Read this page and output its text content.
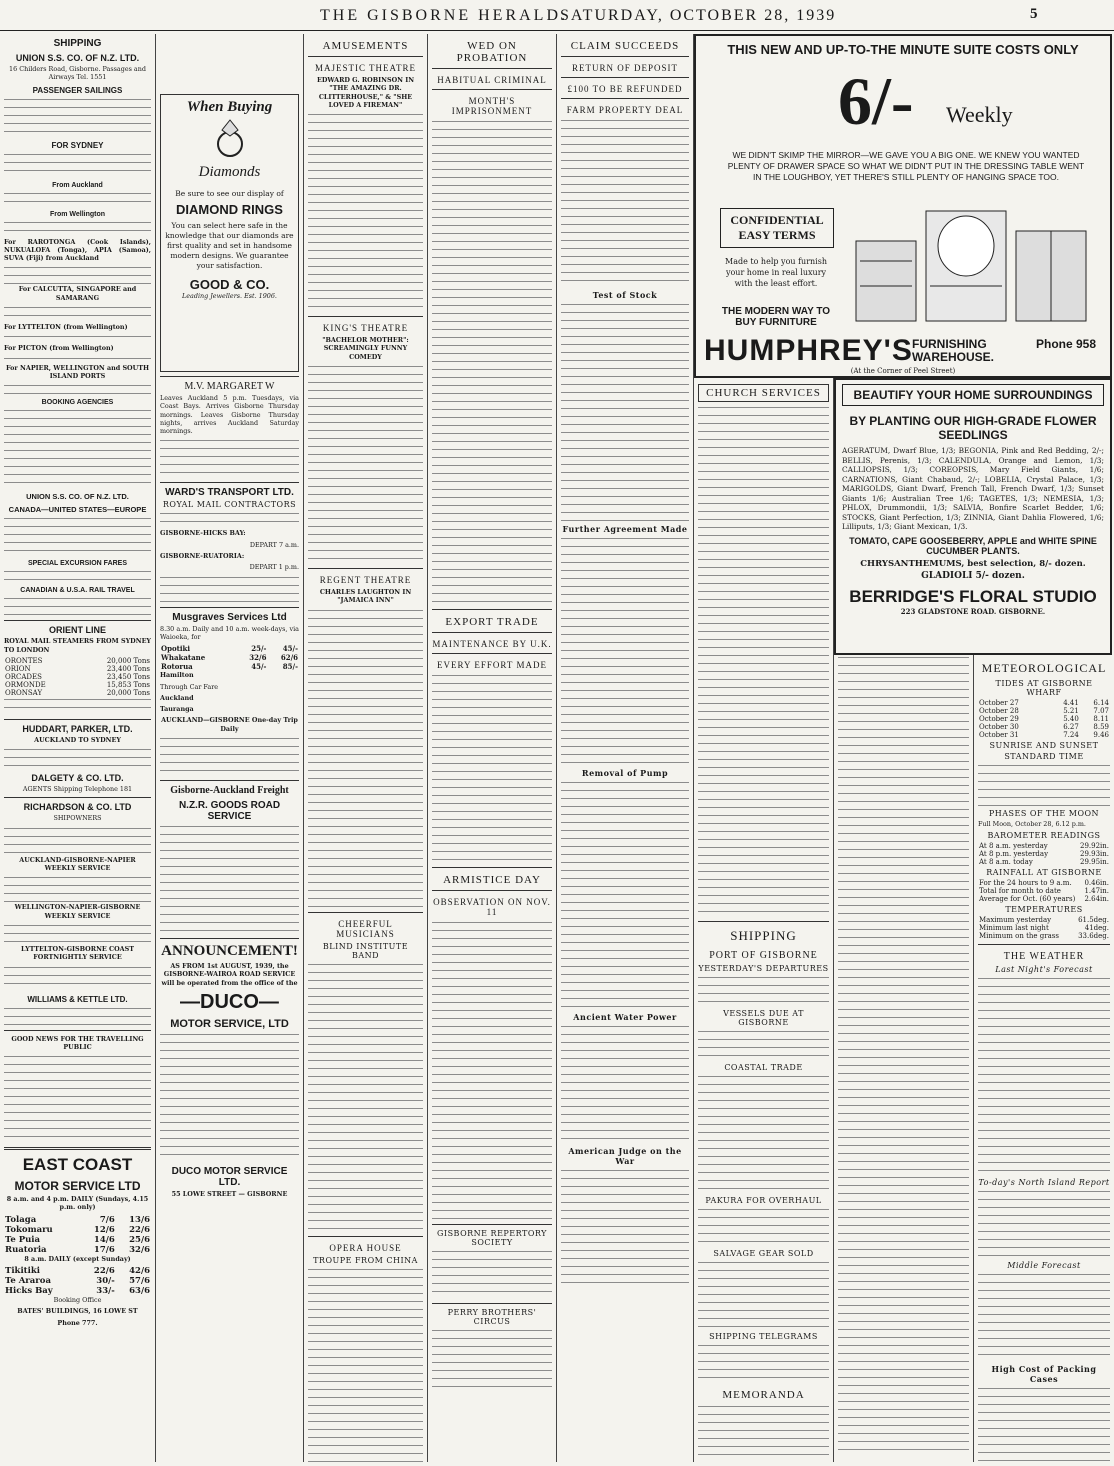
THE GISBORNE HERALD.
SATURDAY, OCTOBER 28, 1939	5
SHIPPING
UNION S.S. CO. OF N.Z. LTD.
16 Childers Road, Gisborne. Passages and Airways Tel. 1551
PASSENGER SAILINGS
FOR SYDNEY
From Auckland
From Wellington
For RAROTONGA (Cook Islands), NUKUALOFA (Tonga), APIA (Samoa), SUVA (Fiji) from Auckland
For CALCUTTA, SINGAPORE and SAMARANG
For LYTTELTON (from Wellington)
For PICTON (from Wellington)
For NAPIER, WELLINGTON and SOUTH ISLAND PORTS
BOOKING AGENCIES
UNION S.S. CO. OF N.Z. LTD.
CANADA—UNITED STATES—EUROPE
SPECIAL EXCURSION FARES
CANADIAN & U.S.A. RAIL TRAVEL
ORIENT LINE
ROYAL MAIL STEAMERS FROM SYDNEY TO LONDON
ORONTES	20,000 Tons
ORION	23,400 Tons
ORCADES	23,450 Tons
ORMONDE	15,853 Tons
ORONSAY	20,000 Tons
HUDDART, PARKER, LTD.
AUCKLAND TO SYDNEY
DALGETY & CO. LTD.
AGENTS Shipping Telephone 181
RICHARDSON & CO. LTD
SHIPOWNERS
AUCKLAND-GISBORNE-NAPIER WEEKLY SERVICE
WELLINGTON-NAPIER-GISBORNE WEEKLY SERVICE
LYTTELTON-GISBORNE COAST FORTNIGHTLY SERVICE
WILLIAMS & KETTLE LTD.
GOOD NEWS FOR THE TRAVELLING PUBLIC
EAST COAST
MOTOR SERVICE LTD
8 a.m. and 4 p.m. DAILY (Sundays, 4.15 p.m. only)
Tolaga	7/6	13/6
Tokomaru	12/6	22/6
Te Puia	14/6	25/6
Ruatoria	17/6	32/6
8 a.m. DAILY (except Sunday)
Tikitiki	22/6	42/6
Te Araroa	30/-	57/6
Hicks Bay	33/-	63/6
Booking Office
BATES' BUILDINGS, 16 LOWE ST
Phone 777.
When Buying
Diamonds
Be sure to see our display of
DIAMOND RINGS
You can select here safe in the knowledge that our diamonds are first quality and set in handsome modern designs. We guarantee your satisfaction.
GOOD & CO.
Leading Jewellers. Est. 1906.
M.V. MARGARET W
Leaves Auckland 5 p.m. Tuesdays, via Coast Bays. Arrives Gisborne Thursday mornings. Leaves Gisborne Thursday nights, arrives Auckland Saturday mornings.
WARD'S TRANSPORT LTD.
ROYAL MAIL CONTRACTORS
GISBORNE-HICKS BAY:
DEPART 7 a.m.
GISBORNE-RUATORIA:
DEPART 1 p.m.
Musgraves Services Ltd
8.30 a.m. Daily and 10 a.m. week-days, via Waioeka, for
Opotiki	25/-	45/-
Whakatane	32/6	62/6
Rotorua	45/-	85/-
Hamilton
Through Car Fare
Auckland
Tauranga
AUCKLAND—GISBORNE One-day Trip Daily
Gisborne-Auckland Freight
N.Z.R. GOODS ROAD SERVICE
ANNOUNCEMENT!
AS FROM 1st AUGUST, 1939, the GISBORNE-WAIROA ROAD SERVICE will be operated from the office of the
—DUCO—
MOTOR SERVICE, LTD
DUCO MOTOR SERVICE LTD.
55 LOWE STREET — GISBORNE
AMUSEMENTS
MAJESTIC THEATRE
EDWARD G. ROBINSON IN "THE AMAZING DR. CLITTERHOUSE," & "SHE LOVED A FIREMAN"
KING'S THEATRE
"BACHELOR MOTHER": SCREAMINGLY FUNNY COMEDY
REGENT THEATRE
CHARLES LAUGHTON IN "JAMAICA INN"
CHEERFUL MUSICIANS
BLIND INSTITUTE BAND
OPERA HOUSE
TROUPE FROM CHINA
WED ON PROBATION
HABITUAL CRIMINAL
MONTH'S IMPRISONMENT
EXPORT TRADE
MAINTENANCE BY U.K.
EVERY EFFORT MADE
ARMISTICE DAY
OBSERVATION ON NOV. 11
GISBORNE REPERTORY SOCIETY
PERRY BROTHERS' CIRCUS
CLAIM SUCCEEDS
RETURN OF DEPOSIT
£100 TO BE REFUNDED
FARM PROPERTY DEAL
Test of Stock
Further Agreement Made
Removal of Pump
Ancient Water Power
American Judge on the War
THIS NEW AND UP-TO-THE MINUTE SUITE COSTS ONLY
6/- Weekly
WE DIDN'T SKIMP THE MIRROR—WE GAVE YOU A BIG ONE. WE KNEW YOU WANTED PLENTY OF DRAWER SPACE SO WHAT WE DIDN'T PUT IN THE DRESSING TABLE WENT IN THE LOUGHBOY, YET THERE'S STILL PLENTY OF HANGING SPACE TOO.
CONFIDENTIAL EASY TERMS
Made to help you furnish your home in real luxury with the least effort.
THE MODERN WAY TO BUY FURNITURE
HUMPHREY'S FURNISHING WAREHOUSE.
Phone 958
(At the Corner of Peel Street)
CHURCH SERVICES
SHIPPING
PORT OF GISBORNE
YESTERDAY'S DEPARTURES
VESSELS DUE AT GISBORNE
COASTAL TRADE
PAKURA FOR OVERHAUL
SALVAGE GEAR SOLD
SHIPPING TELEGRAMS
MEMORANDA
BEAUTIFY YOUR HOME SURROUNDINGS
BY PLANTING OUR HIGH-GRADE FLOWER SEEDLINGS
AGERATUM, Dwarf Blue, 1/3; BEGONIA, Pink and Red Bedding, 2/-; BELLIS, Perenis, 1/3; CALENDULA, Orange and Lemon, 1/3; CALLIOPSIS, 1/3; COREOPSIS, Mary Field Giants, 1/6; CARNATIONS, Giant Chabaud, 2/-; LOBELIA, Crystal Palace, 1/3; MARIGOLDS, Giant Dwarf, French Tall, French Dwarf, 1/3; Sunset Giants 1/6; Australian Tree 1/6; TAGETES, 1/3; NEMESIA, 1/3; PHLOX, Drummondii, 1/3; SALVIA, Bonfire Scarlet Bedder, 1/6; STOCKS, Giant Perfection, 1/3; ZINNIA, Giant Dahlia Flowered, 1/6; Lilliputs, 1/3; Giant Mexican, 1/3.
TOMATO, CAPE GOOSEBERRY, APPLE and WHITE SPINE CUCUMBER PLANTS.
CHRYSANTHEMUMS, best selection, 8/- dozen.
GLADIOLI 5/- dozen.
BERRIDGE'S FLORAL STUDIO
223 GLADSTONE ROAD. GISBORNE.
METEOROLOGICAL
TIDES AT GISBORNE WHARF
October 27	4.41	6.14
October 28	5.21	7.07
October 29	5.40	8.11
October 30	6.27	8.59
October 31	7.24	9.46
SUNRISE AND SUNSET
STANDARD TIME
PHASES OF THE MOON
Full Moon, October 28, 6.12 p.m.
BAROMETER READINGS
At 8 a.m. yesterday	29.92in.
At 8 p.m. yesterday	29.93in.
At 8 a.m. today	29.95in.
RAINFALL AT GISBORNE
For the 24 hours to 9 a.m.	0.46in.
Total for month to date	1.47in.
Average for Oct. (60 years)	2.64in.
TEMPERATURES
Maximum yesterday	61.5deg.
Minimum last night	41deg.
Minimum on the grass	33.6deg.
THE WEATHER
Last Night's Forecast
To-day's North Island Report
Middle Forecast
High Cost of Packing Cases
